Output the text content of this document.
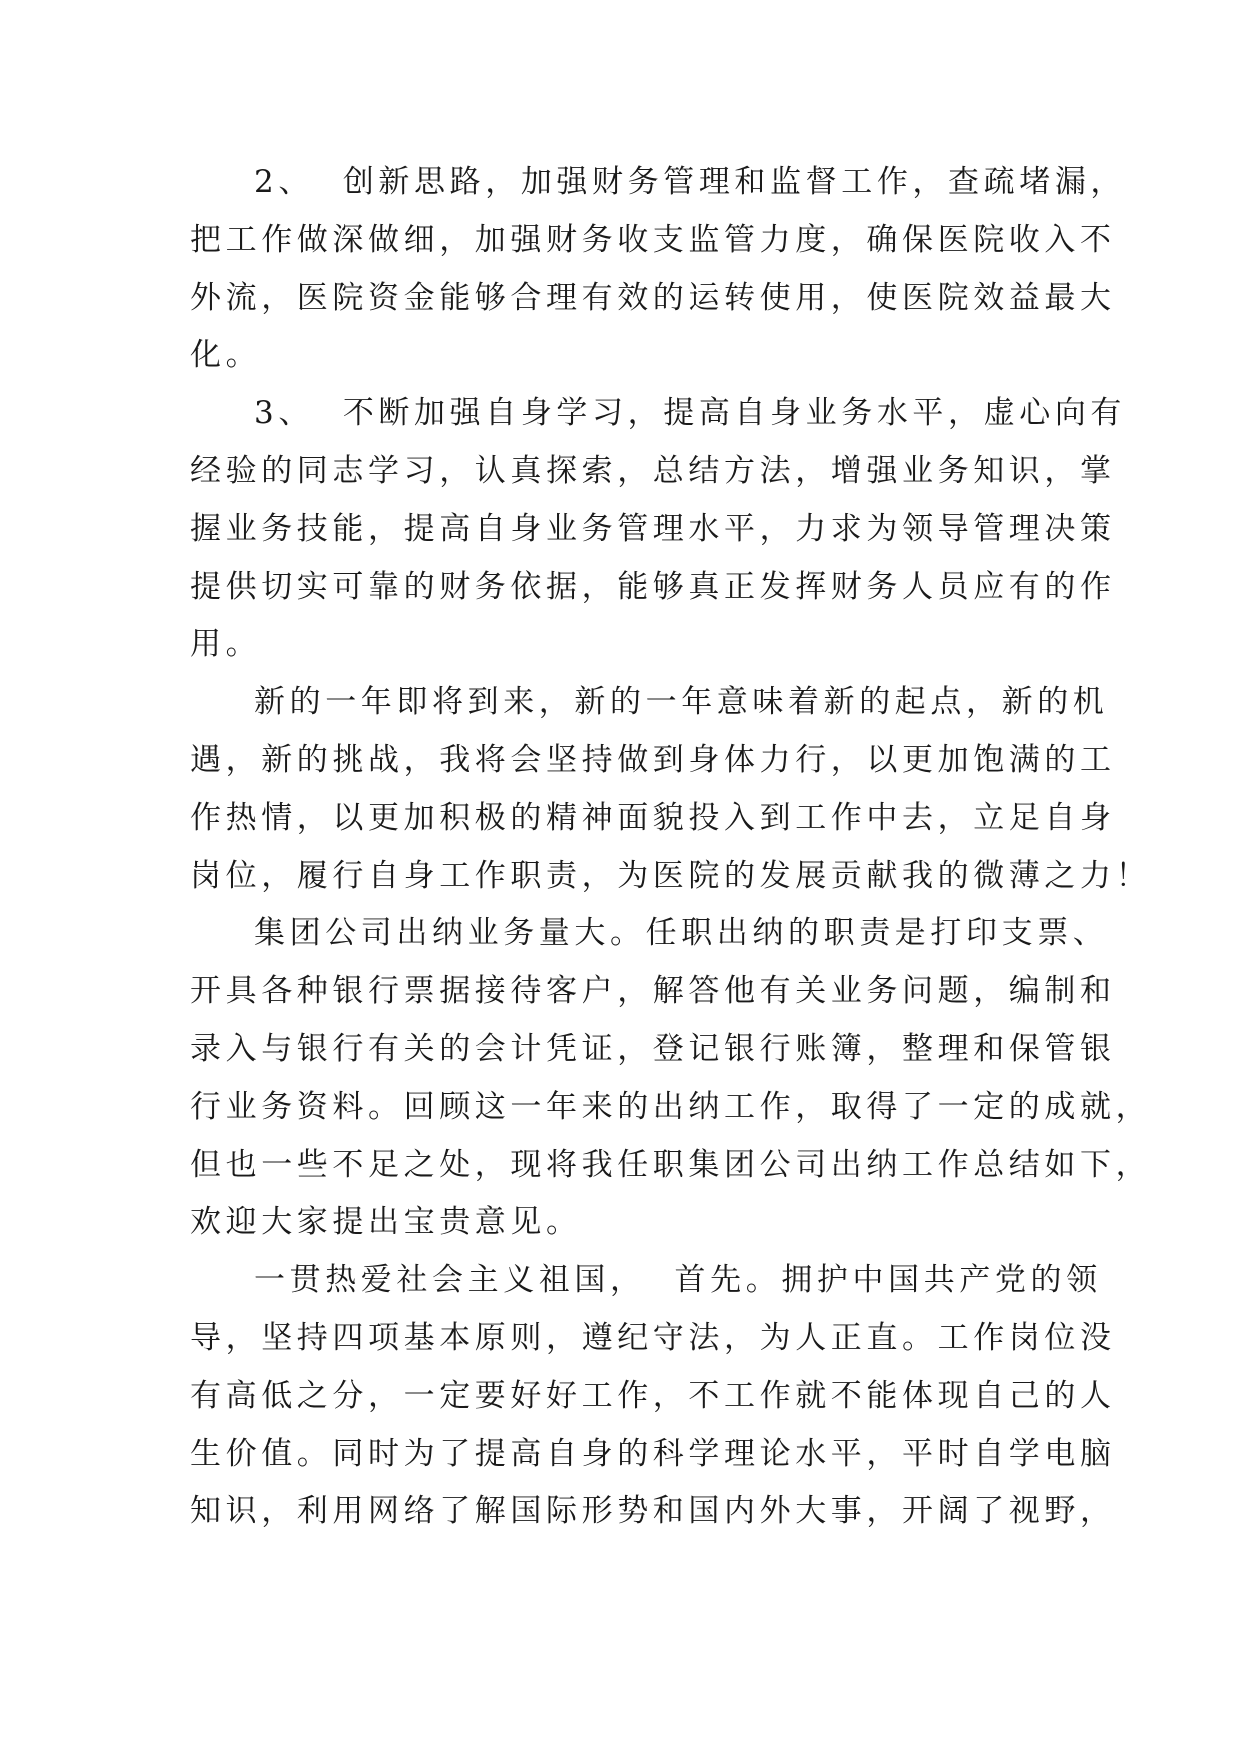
2、  创新思路，加强财务管理和监督工作，查疏堵漏，
把工作做深做细，加强财务收支监管力度，确保医院收入不
外流，医院资金能够合理有效的运转使用，使医院效益最大
化。
3、  不断加强自身学习，提高自身业务水平，虚心向有
经验的同志学习，认真探索，总结方法，增强业务知识，掌
握业务技能，提高自身业务管理水平，力求为领导管理决策
提供切实可靠的财务依据，能够真正发挥财务人员应有的作
用。
新的一年即将到来，新的一年意味着新的起点，新的机
遇，新的挑战，我将会坚持做到身体力行，以更加饱满的工
作热情，以更加积极的精神面貌投入到工作中去，立足自身
岗位，履行自身工作职责，为医院的发展贡献我的微薄之力！
集团公司出纳业务量大。任职出纳的职责是打印支票、
开具各种银行票据接待客户，解答他有关业务问题，编制和
录入与银行有关的会计凭证，登记银行账簿，整理和保管银
行业务资料。回顾这一年来的出纳工作，取得了一定的成就，
但也一些不足之处，现将我任职集团公司出纳工作总结如下，
欢迎大家提出宝贵意见。
一贯热爱社会主义祖国，  首先。拥护中国共产党的领
导，坚持四项基本原则，遵纪守法，为人正直。工作岗位没
有高低之分，一定要好好工作，不工作就不能体现自己的人
生价值。同时为了提高自身的科学理论水平，平时自学电脑
知识，利用网络了解国际形势和国内外大事，开阔了视野，
